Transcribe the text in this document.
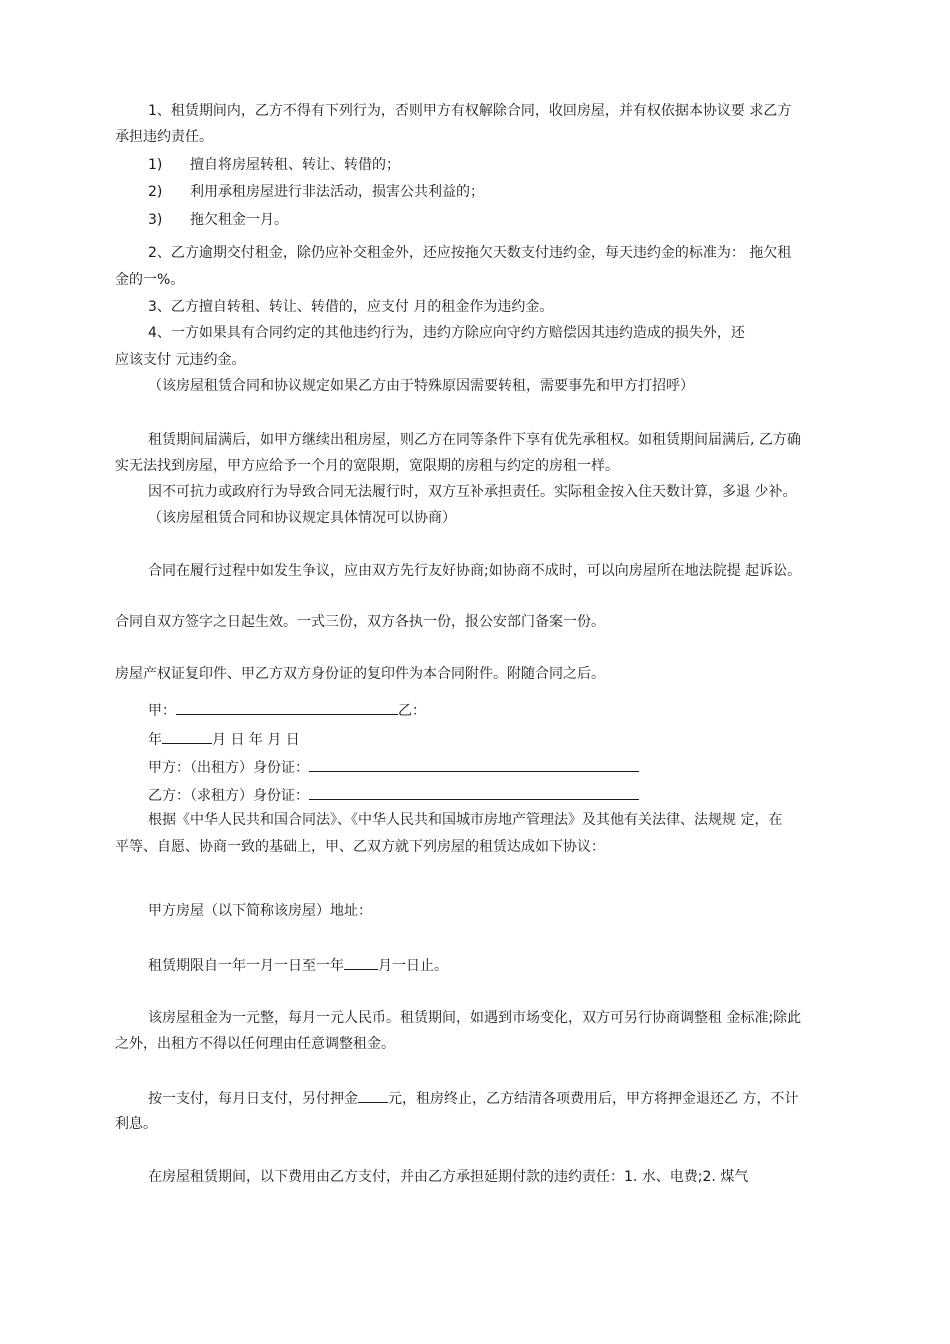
1、租赁期间内，乙方不得有下列行为，否则甲方有权解除合同，收回房屋，并有权依据本协议要 求乙方
承担违约责任。
1) 擅自将房屋转租、转让、转借的；
2) 利用承租房屋进行非法活动，损害公共利益的；
3) 拖欠租金一月。
2、乙方逾期交付租金，除仍应补交租金外，还应按拖欠天数支付违约金，每天违约金的标准为： 拖欠租
金的一%。
3、乙方擅自转租、转让、转借的，应支付 月的租金作为违约金。
4、一方如果具有合同约定的其他违约行为，违约方除应向守约方赔偿因其违约造成的损失外，还
应该支付 元违约金。
（该房屋租赁合同和协议规定如果乙方由于特殊原因需要转租，需要事先和甲方打招呼）
租赁期间届满后，如甲方继续出租房屋，则乙方在同等条件下享有优先承租权。如租赁期间届满后, 乙方确
实无法找到房屋，甲方应给予一个月的宽限期，宽限期的房租与约定的房租一样。
因不可抗力或政府行为导致合同无法履行时，双方互补承担责任。实际租金按入住天数计算，多退 少补。
（该房屋租赁合同和协议规定具体情况可以协商）
合同在履行过程中如发生争议，应由双方先行友好协商;如协商不成时，可以向房屋所在地法院提 起诉讼。
合同自双方签字之日起生效。一式三份，双方各执一份，报公安部门备案一份。
房屋产权证复印件、甲乙方双方身份证的复印件为本合同附件。附随合同之后。
甲：	乙：
年	月 日 年 月 日
甲方：（出租方）身份证：
乙方：（求租方）身份证：
根据《中华人民共和国合同法》、《中华人民共和国城市房地产管理法》及其他有关法律、法规规 定，在
平等、自愿、协商一致的基础上，甲、乙双方就下列房屋的租赁达成如下协议：
甲方房屋（以下简称该房屋）地址：
租赁期限自一年一月一日至一年 月一日止。
该房屋租金为一元整，每月一元人民币。租赁期间，如遇到市场变化，双方可另行协商调整租 金标准;除此
之外，出租方不得以任何理由任意调整租金。
按一支付，每月日支付，另付押金 元，租房终止，乙方结清各项费用后，甲方将押金退还乙 方，不计
利息。
在房屋租赁期间，以下费用由乙方支付，并由乙方承担延期付款的违约责任：1. 水、电费;2. 煤气
